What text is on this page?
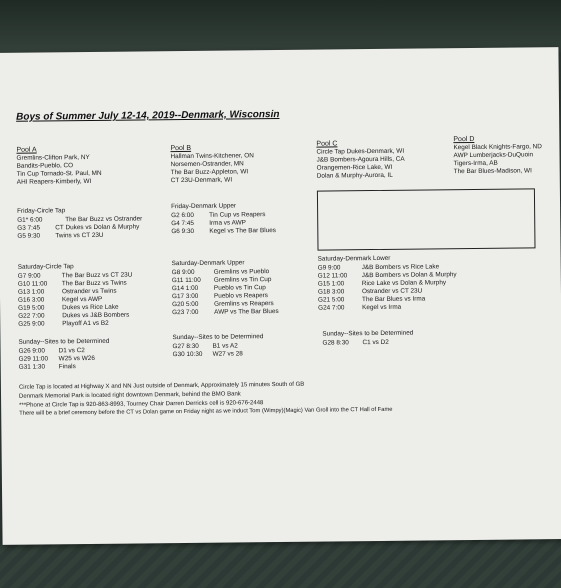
Boys of Summer July 12-14, 2019--Denmark, Wisconsin
Pool A
Gremlins-Clifton Park, NY
Bandits-Pueblo, CO
Tin Cup Tornado-St. Paul, MN
AHI Reapers-Kimberly, WI
Pool B
Hallman Twins-Kitchener, ON
Norsemen-Ostrander, MN
The Bar Buzz-Appleton, WI
CT 23U-Denmark, WI
Pool C
Circle Tap Dukes-Denmark, WI
J&B Bombers-Agoura Hills, CA
Orangemen-Rice Lake, WI
Dolan & Murphy-Aurora, IL
Pool D
Kegel Black Knights-Fargo, ND
AWP Lumberjacks-DuQuoin
Tigers-Irma, AB
The Bar Blues-Madison, WI
Friday-Circle Tap
G1* 6:00	The Bar Buzz vs Ostrander
G3 7:45 CT Dukes vs Dolan & Murphy
G5 9:30 Twins vs CT 23U
Friday-Denmark Upper
G2 6:00 Tin Cup vs Reapers
G4 7:45 Irma vs AWP
G6 9:30 Kegel vs The Bar Blues
Saturday-Circle Tap
G7 9:00	The Bar Buzz vs CT 23U
G10 11:00 The Bar Buzz vs Twins
G13 1:00	Ostrander vs Twins
G16 3:00	Kegel vs AWP
G19 5:00	Dukes vs Rice Lake
G22 7:00	Dukes vs J&B Bombers
G25 9:00	Playoff A1 vs B2
Saturday-Denmark Upper
G8 9:00	Gremlins vs Pueblo
G11 11:00 Gremlins vs Tin Cup
G14 1:00 Pueblo vs Tin Cup
G17 3:00 Pueblo vs Reapers
G20 5:00 Gremlins vs Reapers
G23 7:00 AWP vs The Bar Blues
Saturday-Denmark Lower
G9 9:00	J&B Bombers vs Rice Lake
G12 11:00 J&B Bombers vs Dolan & Murphy
G15 1:00	Rice Lake vs Dolan & Murphy
G18 3:00	Ostrander vs CT 23U
G21 5:00	The Bar Blues vs Irma
G24 7:00	Kegel vs Irma
Sunday--Sites to be Determined
G26 9:00 D1 vs C2
G29 11:00 W25 vs W26
G31 1:30 Finals
Sunday--Sites to be Determined
G27 8:30 B1 vs A2
G30 10:30 W27 vs 28
Sunday--Sites to be Determined
G28 8:30 C1 vs D2
Circle Tap is located at Highway X and NN Just outside of Denmark, Approximately 15 minutes South of GB
Denmark Memorial Park is located right downtown Denmark, behind the BMO Bank
***Phone at Circle Tap is 920-863-8993, Tourney Chair Darren Derricks cell is 920-676-2448
There will be a brief ceremony before the CT vs Dolan game on Friday night as we induct Tom (Wimpy)(Magic) Van Groll into the CT Hall of Fame
